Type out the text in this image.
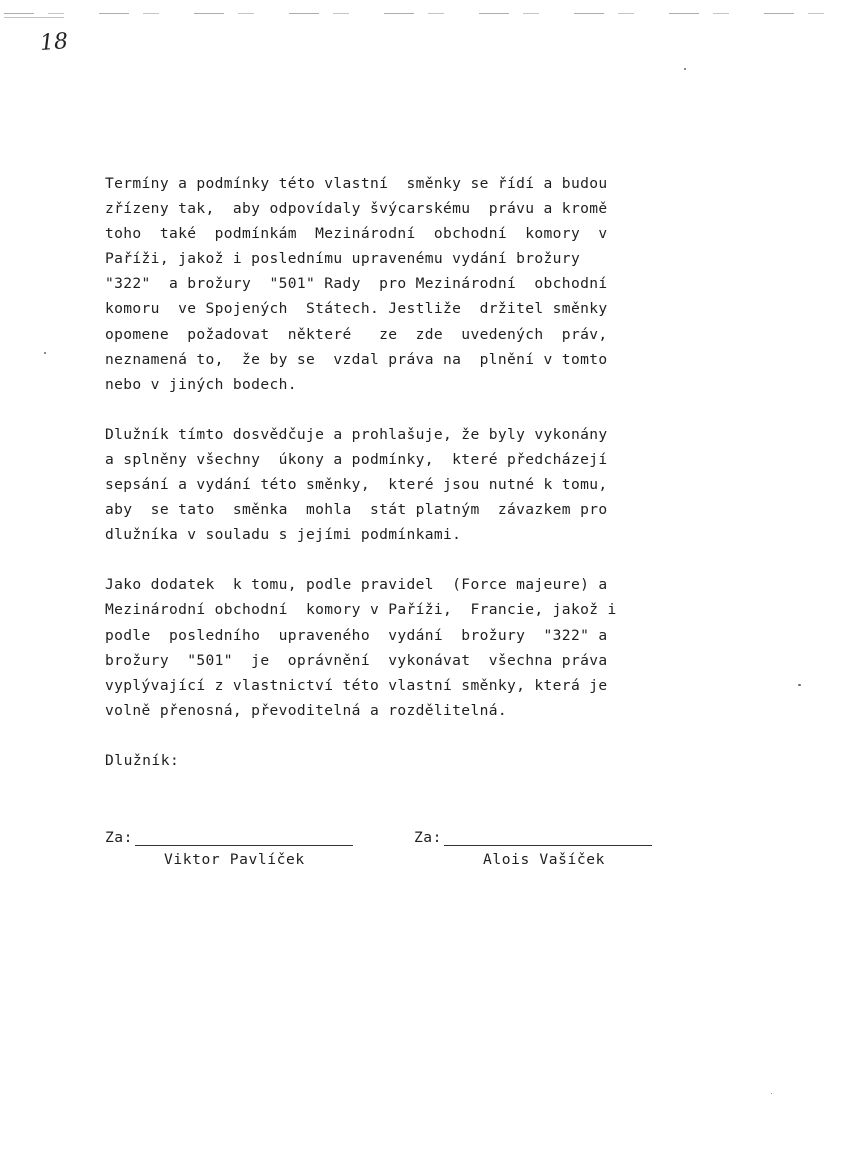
18
Termíny a podmínky této vlastní  směnky se řídí a budou
zřízeny tak,  aby odpovídaly švýcarskému  právu a kromě
toho  také  podmínkám  Mezinárodní  obchodní  komory  v
Paříži, jakož i poslednímu upravenému vydání brožury
"322"  a brožury  "501" Rady  pro Mezinárodní  obchodní
komoru  ve Spojených  Státech. Jestliže  držitel směnky
opomene  požadovat  některé   ze  zde  uvedených  práv,
neznamená to,  že by se  vzdal práva na  plnění v tomto
nebo v jiných bodech.
Dlužník tímto dosvědčuje a prohlašuje, že byly vykonány
a splněny všechny  úkony a podmínky,  které předcházejí
sepsání a vydání této směnky,  které jsou nutné k tomu,
aby  se tato  směnka  mohla  stát platným  závazkem pro
dlužníka v souladu s jejími podmínkami.
Jako dodatek  k tomu, podle pravidel  (Force majeure) a
Mezinárodní obchodní  komory v Paříži,  Francie, jakož i
podle  posledního  upraveného  vydání  brožury  "322" a
brožury  "501"  je  oprávnění  vykonávat  všechna práva
vyplývající z vlastnictví této vlastní směnky, která je
volně přenosná, převoditelná a rozdělitelná.
Dlužník:
Za:
Viktor Pavlíček
Za:
Alois Vašíček
